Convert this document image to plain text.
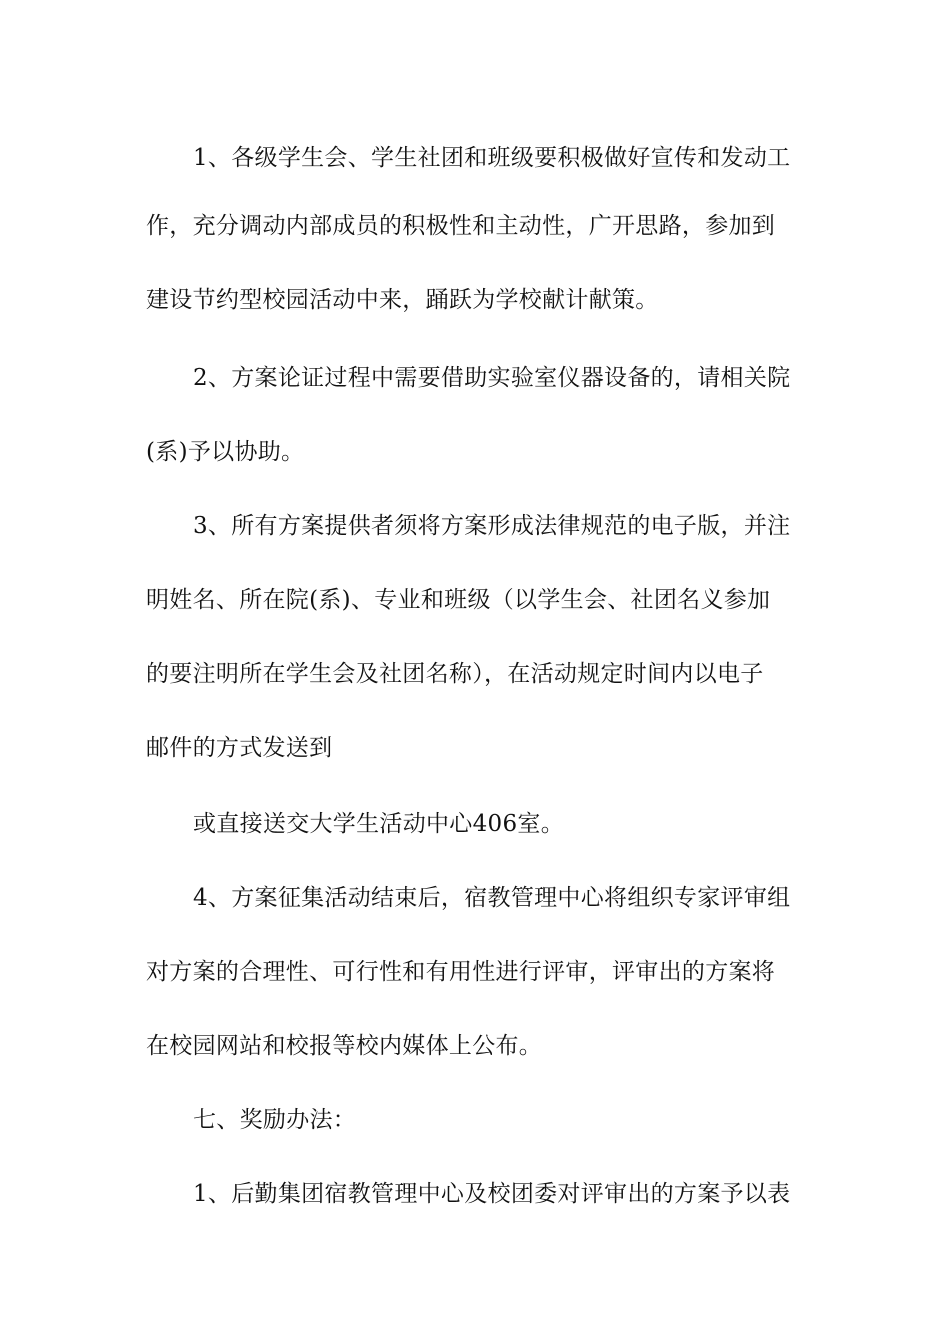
1、各级学生会、学生社团和班级要积极做好宣传和发动工
作，充分调动内部成员的积极性和主动性，广开思路，参加到
建设节约型校园活动中来，踊跃为学校献计献策。
2、方案论证过程中需要借助实验室仪器设备的，请相关院
(系)予以协助。
3、所有方案提供者须将方案形成法律规范的电子版，并注
明姓名、所在院(系)、专业和班级（以学生会、社团名义参加
的要注明所在学生会及社团名称），在活动规定时间内以电子
邮件的方式发送到
或直接送交大学生活动中心406室。
4、方案征集活动结束后，宿教管理中心将组织专家评审组
对方案的合理性、可行性和有用性进行评审，评审出的方案将
在校园网站和校报等校内媒体上公布。
七、奖励办法：
1、后勤集团宿教管理中心及校团委对评审出的方案予以表
